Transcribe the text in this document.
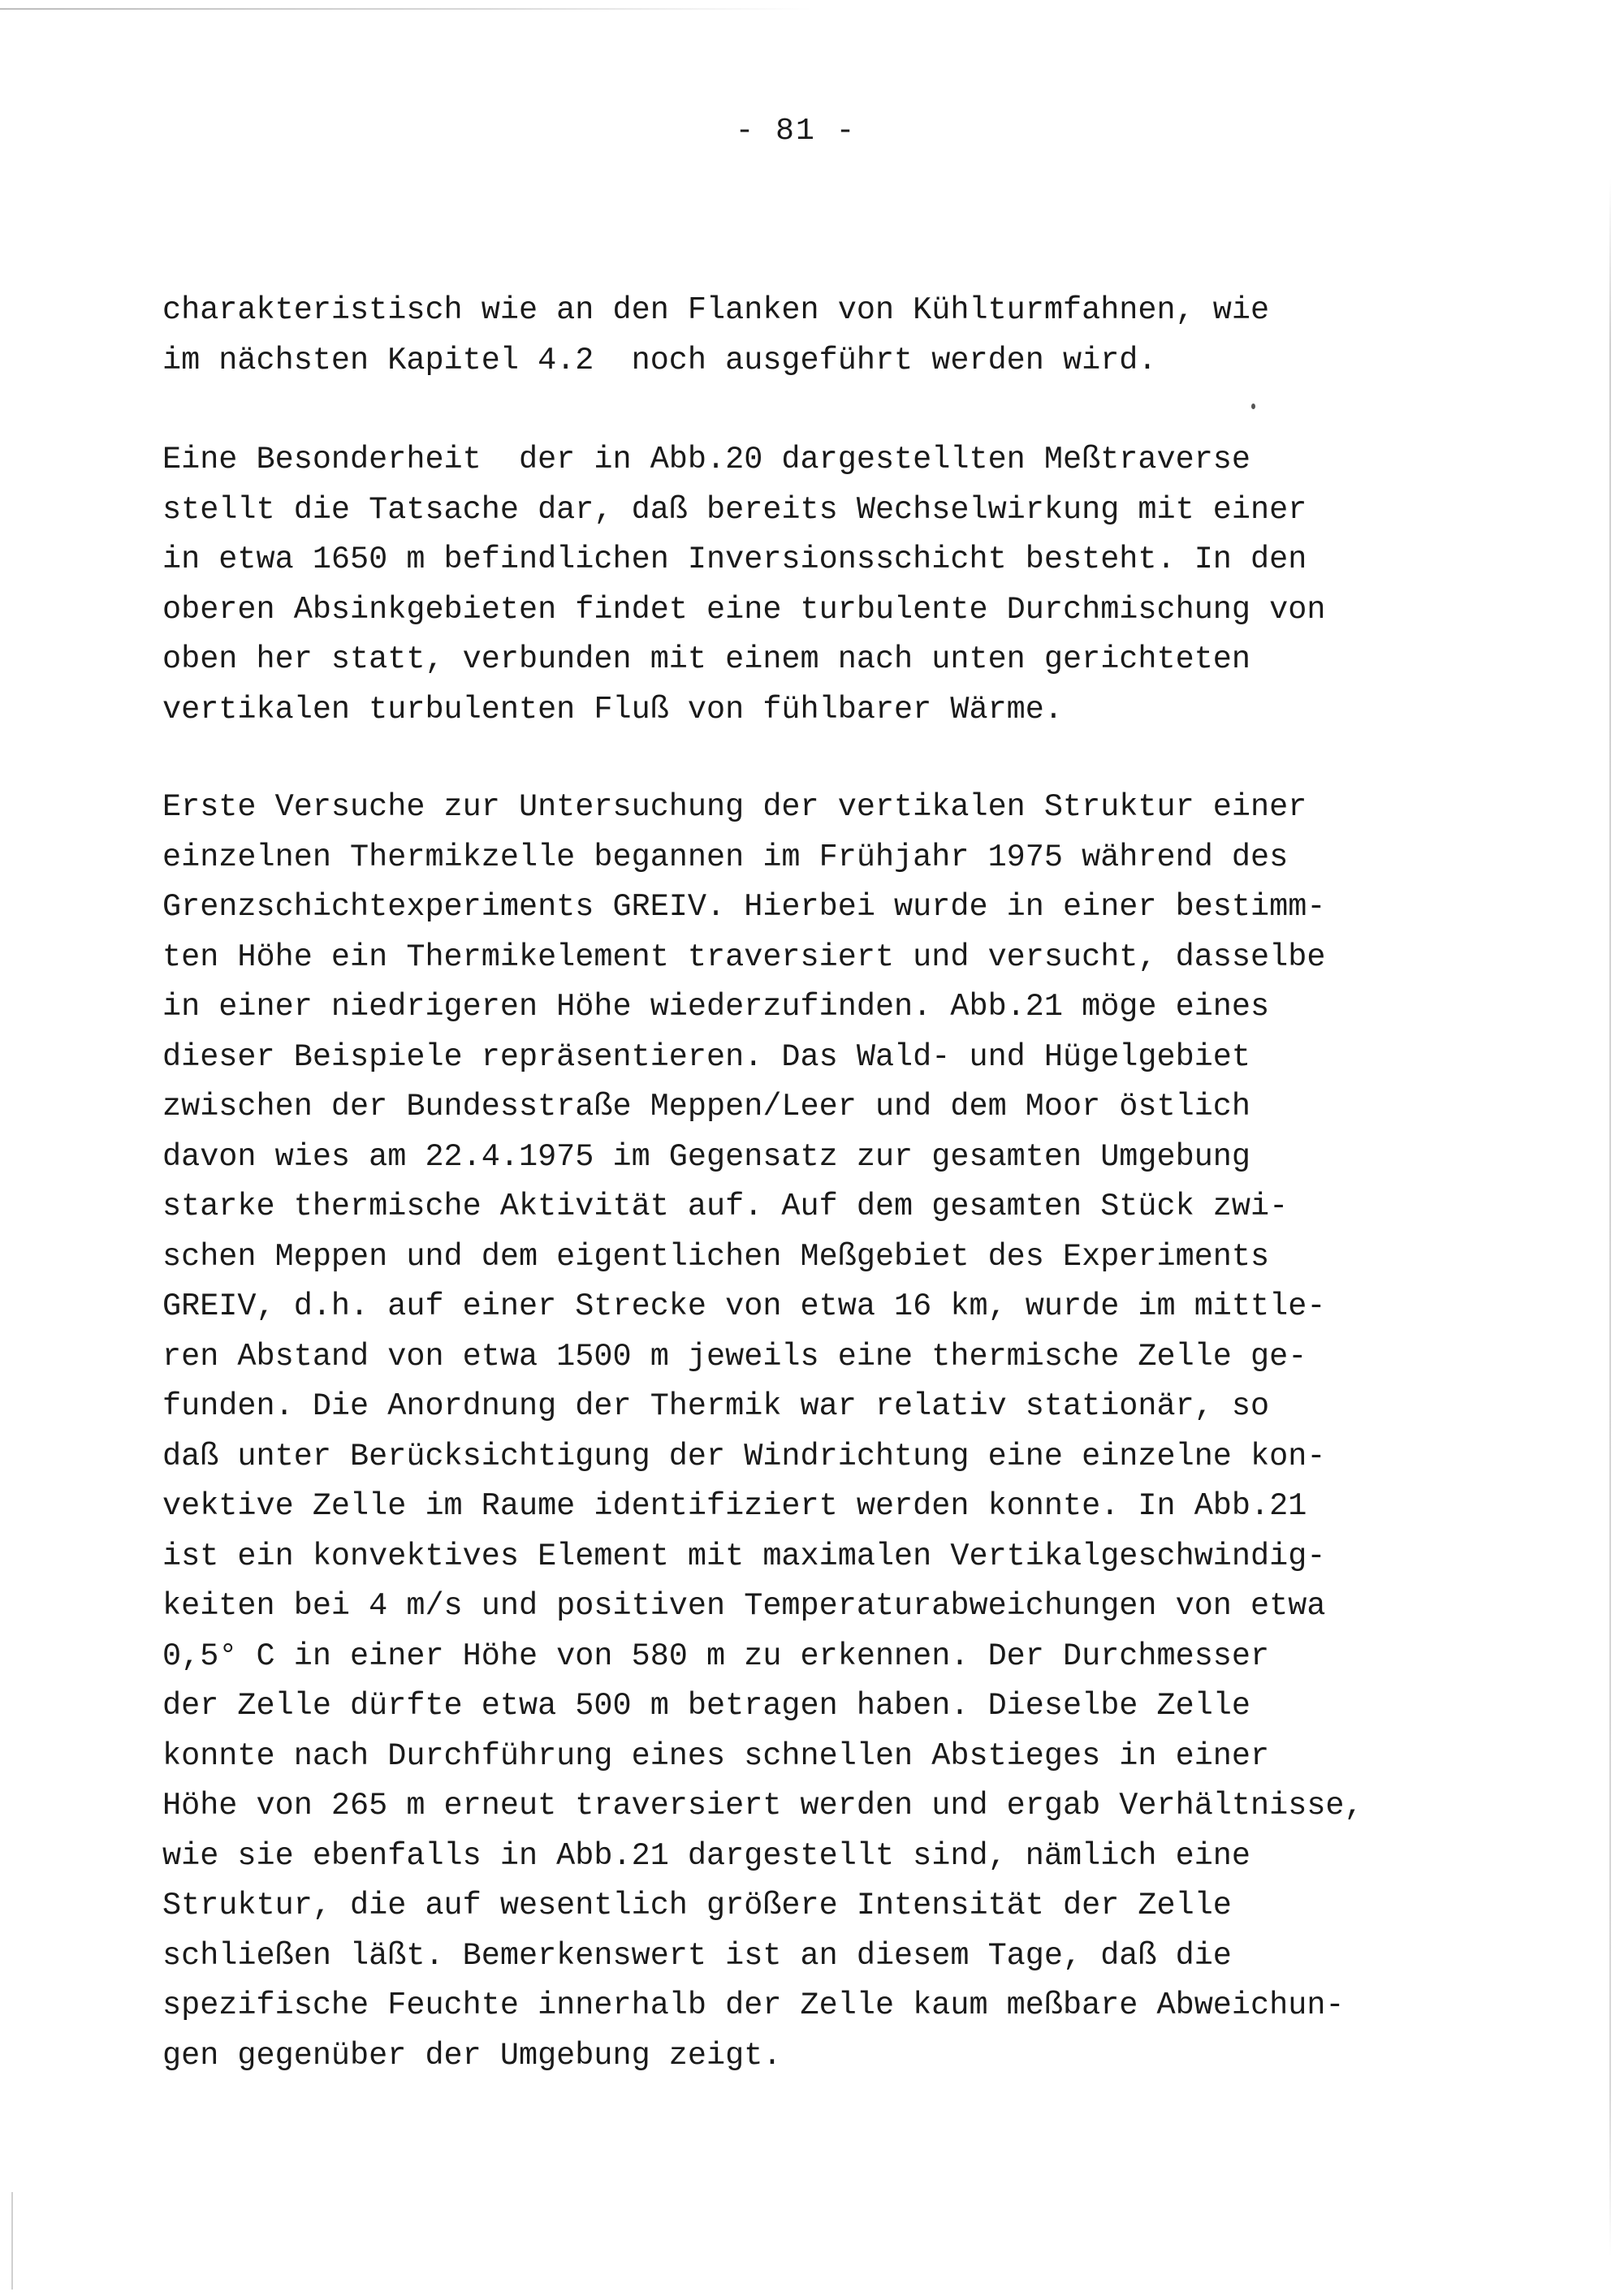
- 81 -
charakteristisch wie an den Flanken von Kühlturmfahnen, wie
im nächsten Kapitel 4.2  noch ausgeführt werden wird.
Eine Besonderheit  der in Abb.20 dargestellten Meßtraverse
stellt die Tatsache dar, daß bereits Wechselwirkung mit einer
in etwa 1650 m befindlichen Inversionsschicht besteht. In den
oberen Absinkgebieten findet eine turbulente Durchmischung von
oben her statt, verbunden mit einem nach unten gerichteten
vertikalen turbulenten Fluß von fühlbarer Wärme.
Erste Versuche zur Untersuchung der vertikalen Struktur einer
einzelnen Thermikzelle begannen im Frühjahr 1975 während des
Grenzschichtexperiments GREIV. Hierbei wurde in einer bestimm-
ten Höhe ein Thermikelement traversiert und versucht, dasselbe
in einer niedrigeren Höhe wiederzufinden. Abb.21 möge eines
dieser Beispiele repräsentieren. Das Wald- und Hügelgebiet
zwischen der Bundesstraße Meppen/Leer und dem Moor östlich
davon wies am 22.4.1975 im Gegensatz zur gesamten Umgebung
starke thermische Aktivität auf. Auf dem gesamten Stück zwi-
schen Meppen und dem eigentlichen Meßgebiet des Experiments
GREIV, d.h. auf einer Strecke von etwa 16 km, wurde im mittle-
ren Abstand von etwa 1500 m jeweils eine thermische Zelle ge-
funden. Die Anordnung der Thermik war relativ stationär, so
daß unter Berücksichtigung der Windrichtung eine einzelne kon-
vektive Zelle im Raume identifiziert werden konnte. In Abb.21
ist ein konvektives Element mit maximalen Vertikalgeschwindig-
keiten bei 4 m/s und positiven Temperaturabweichungen von etwa
0,5° C in einer Höhe von 580 m zu erkennen. Der Durchmesser
der Zelle dürfte etwa 500 m betragen haben. Dieselbe Zelle
konnte nach Durchführung eines schnellen Abstieges in einer
Höhe von 265 m erneut traversiert werden und ergab Verhältnisse,
wie sie ebenfalls in Abb.21 dargestellt sind, nämlich eine
Struktur, die auf wesentlich größere Intensität der Zelle
schließen läßt. Bemerkenswert ist an diesem Tage, daß die
spezifische Feuchte innerhalb der Zelle kaum meßbare Abweichun-
gen gegenüber der Umgebung zeigt.
